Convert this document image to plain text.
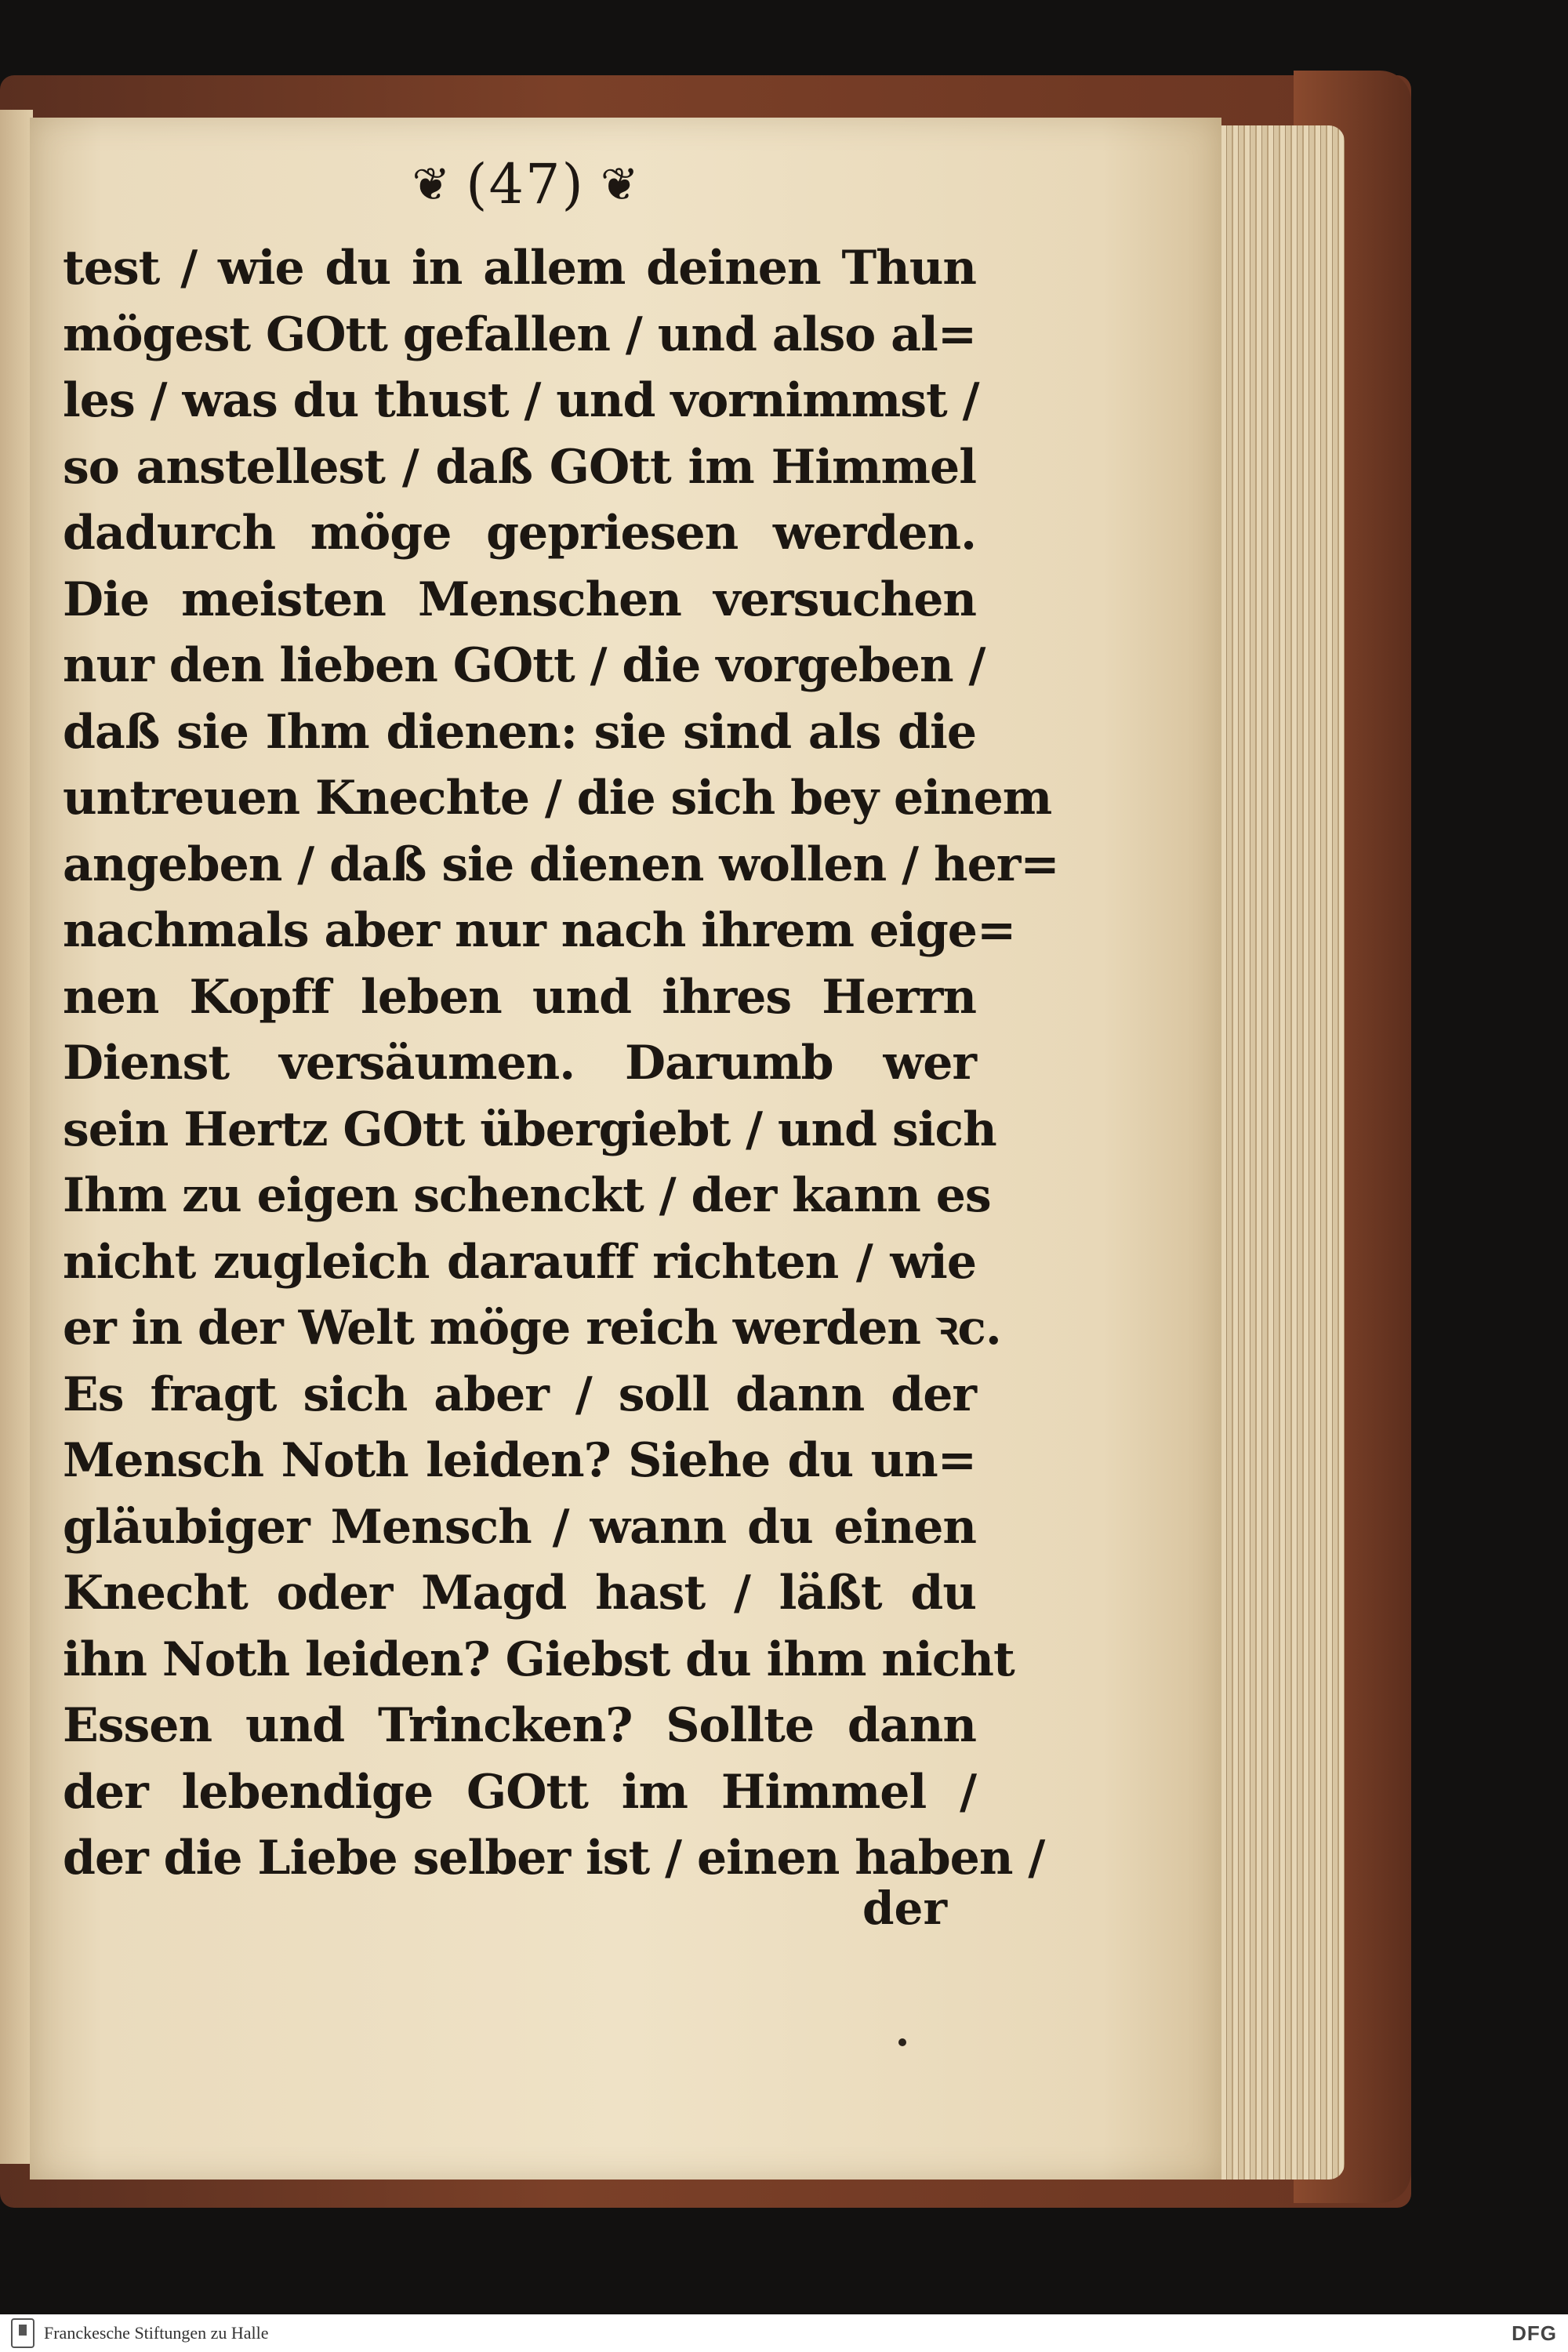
❦ (47) ❦
test / wie du in allem deinen Thun
mögest GOtt gefallen / und also al=
les / was du thust / und vornimmst /
so anstellest / daß GOtt im Himmel
dadurch möge gepriesen werden.
Die meisten Menschen versuchen
nur den lieben GOtt / die vorgeben /
daß sie Ihm dienen: sie sind als die
untreuen Knechte / die sich bey einem
angeben / daß sie dienen wollen / her=
nachmals aber nur nach ihrem eige=
nen Kopff leben und ihres Herrn
Dienst versäumen. Darumb wer
sein Hertz GOtt übergiebt / und sich
Ihm zu eigen schenckt / der kann es
nicht zugleich darauff richten / wie
er in der Welt möge reich werden ꝛc.
Es fragt sich aber / soll dann der
Mensch Noth leiden? Siehe du un=
gläubiger Mensch / wann du einen
Knecht oder Magd hast / läßt du
ihn Noth leiden? Giebst du ihm nicht
Essen und Trincken? Sollte dann
der lebendige GOtt im Himmel /
der die Liebe selber ist / einen haben /
der
Franckesche Stiftungen zu Halle	DFG
